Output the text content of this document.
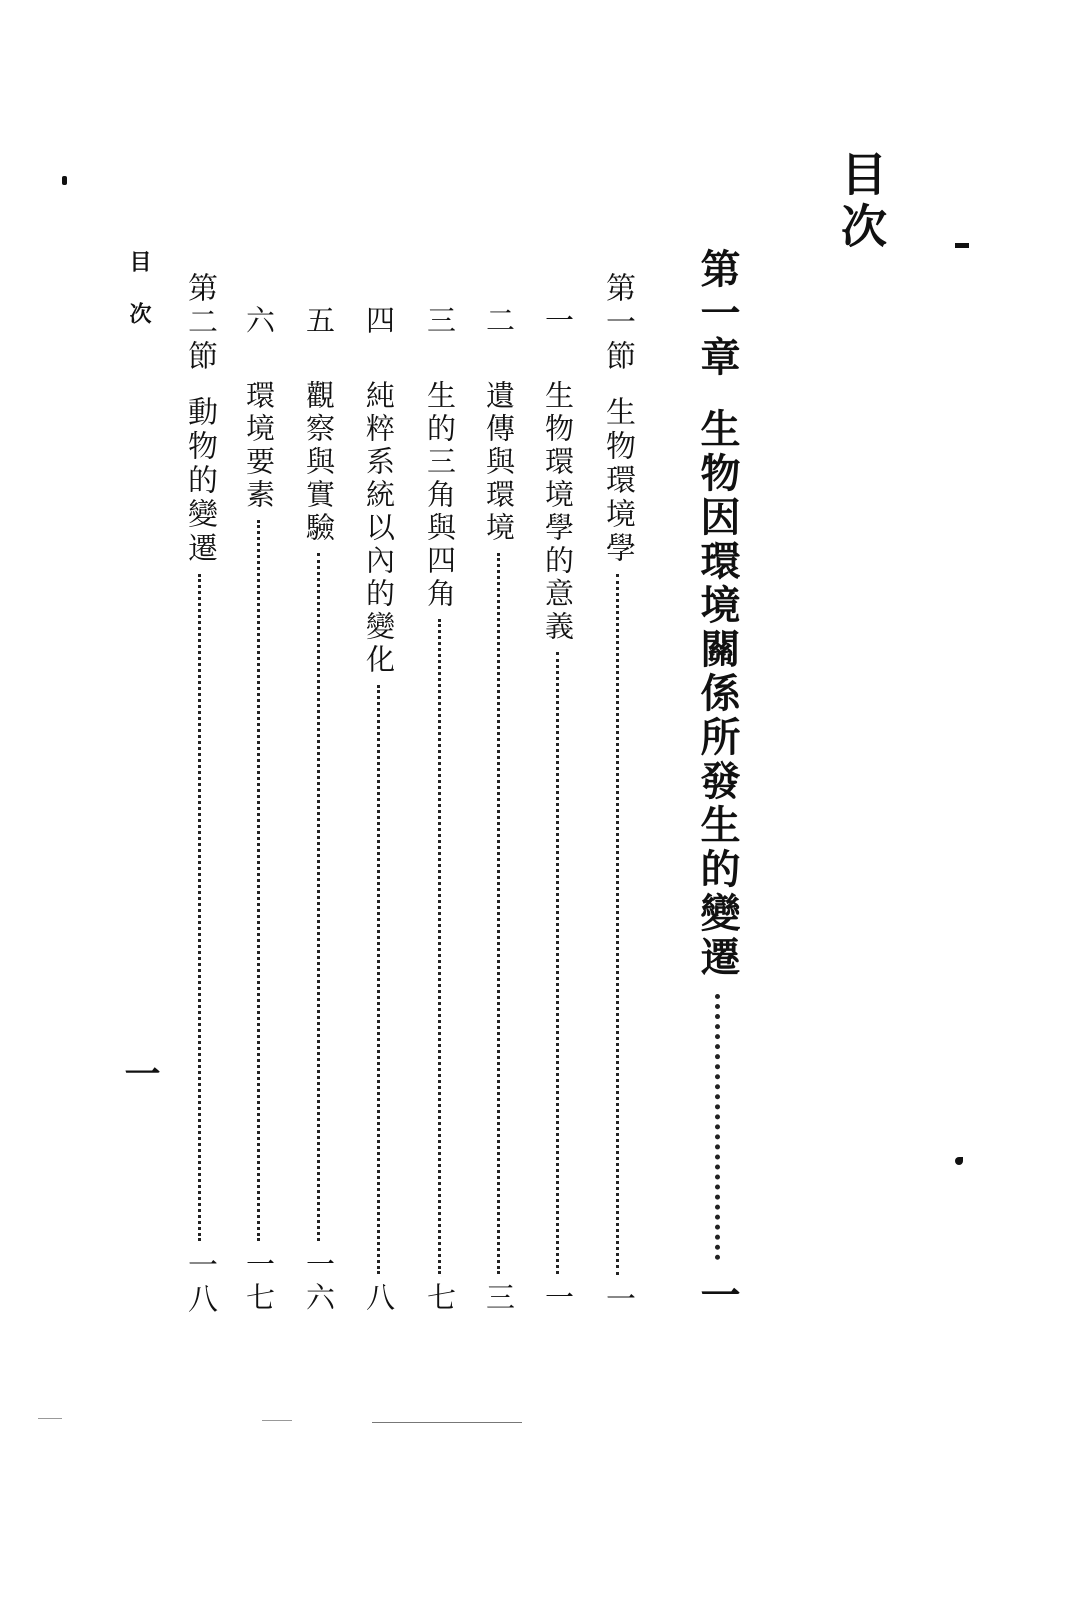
目次
第一章
生物因環境關係所發生的變遷
一
第一節
生物環境學
一
一
生物環境學的意義
一
二
遺傳與環境
三
三
生的三角與四角
七
四
純粹系統以內的變化
八
五
觀察與實驗
一六
六
環境要素
一七
第二節
動物的變遷
一八
目次
一
